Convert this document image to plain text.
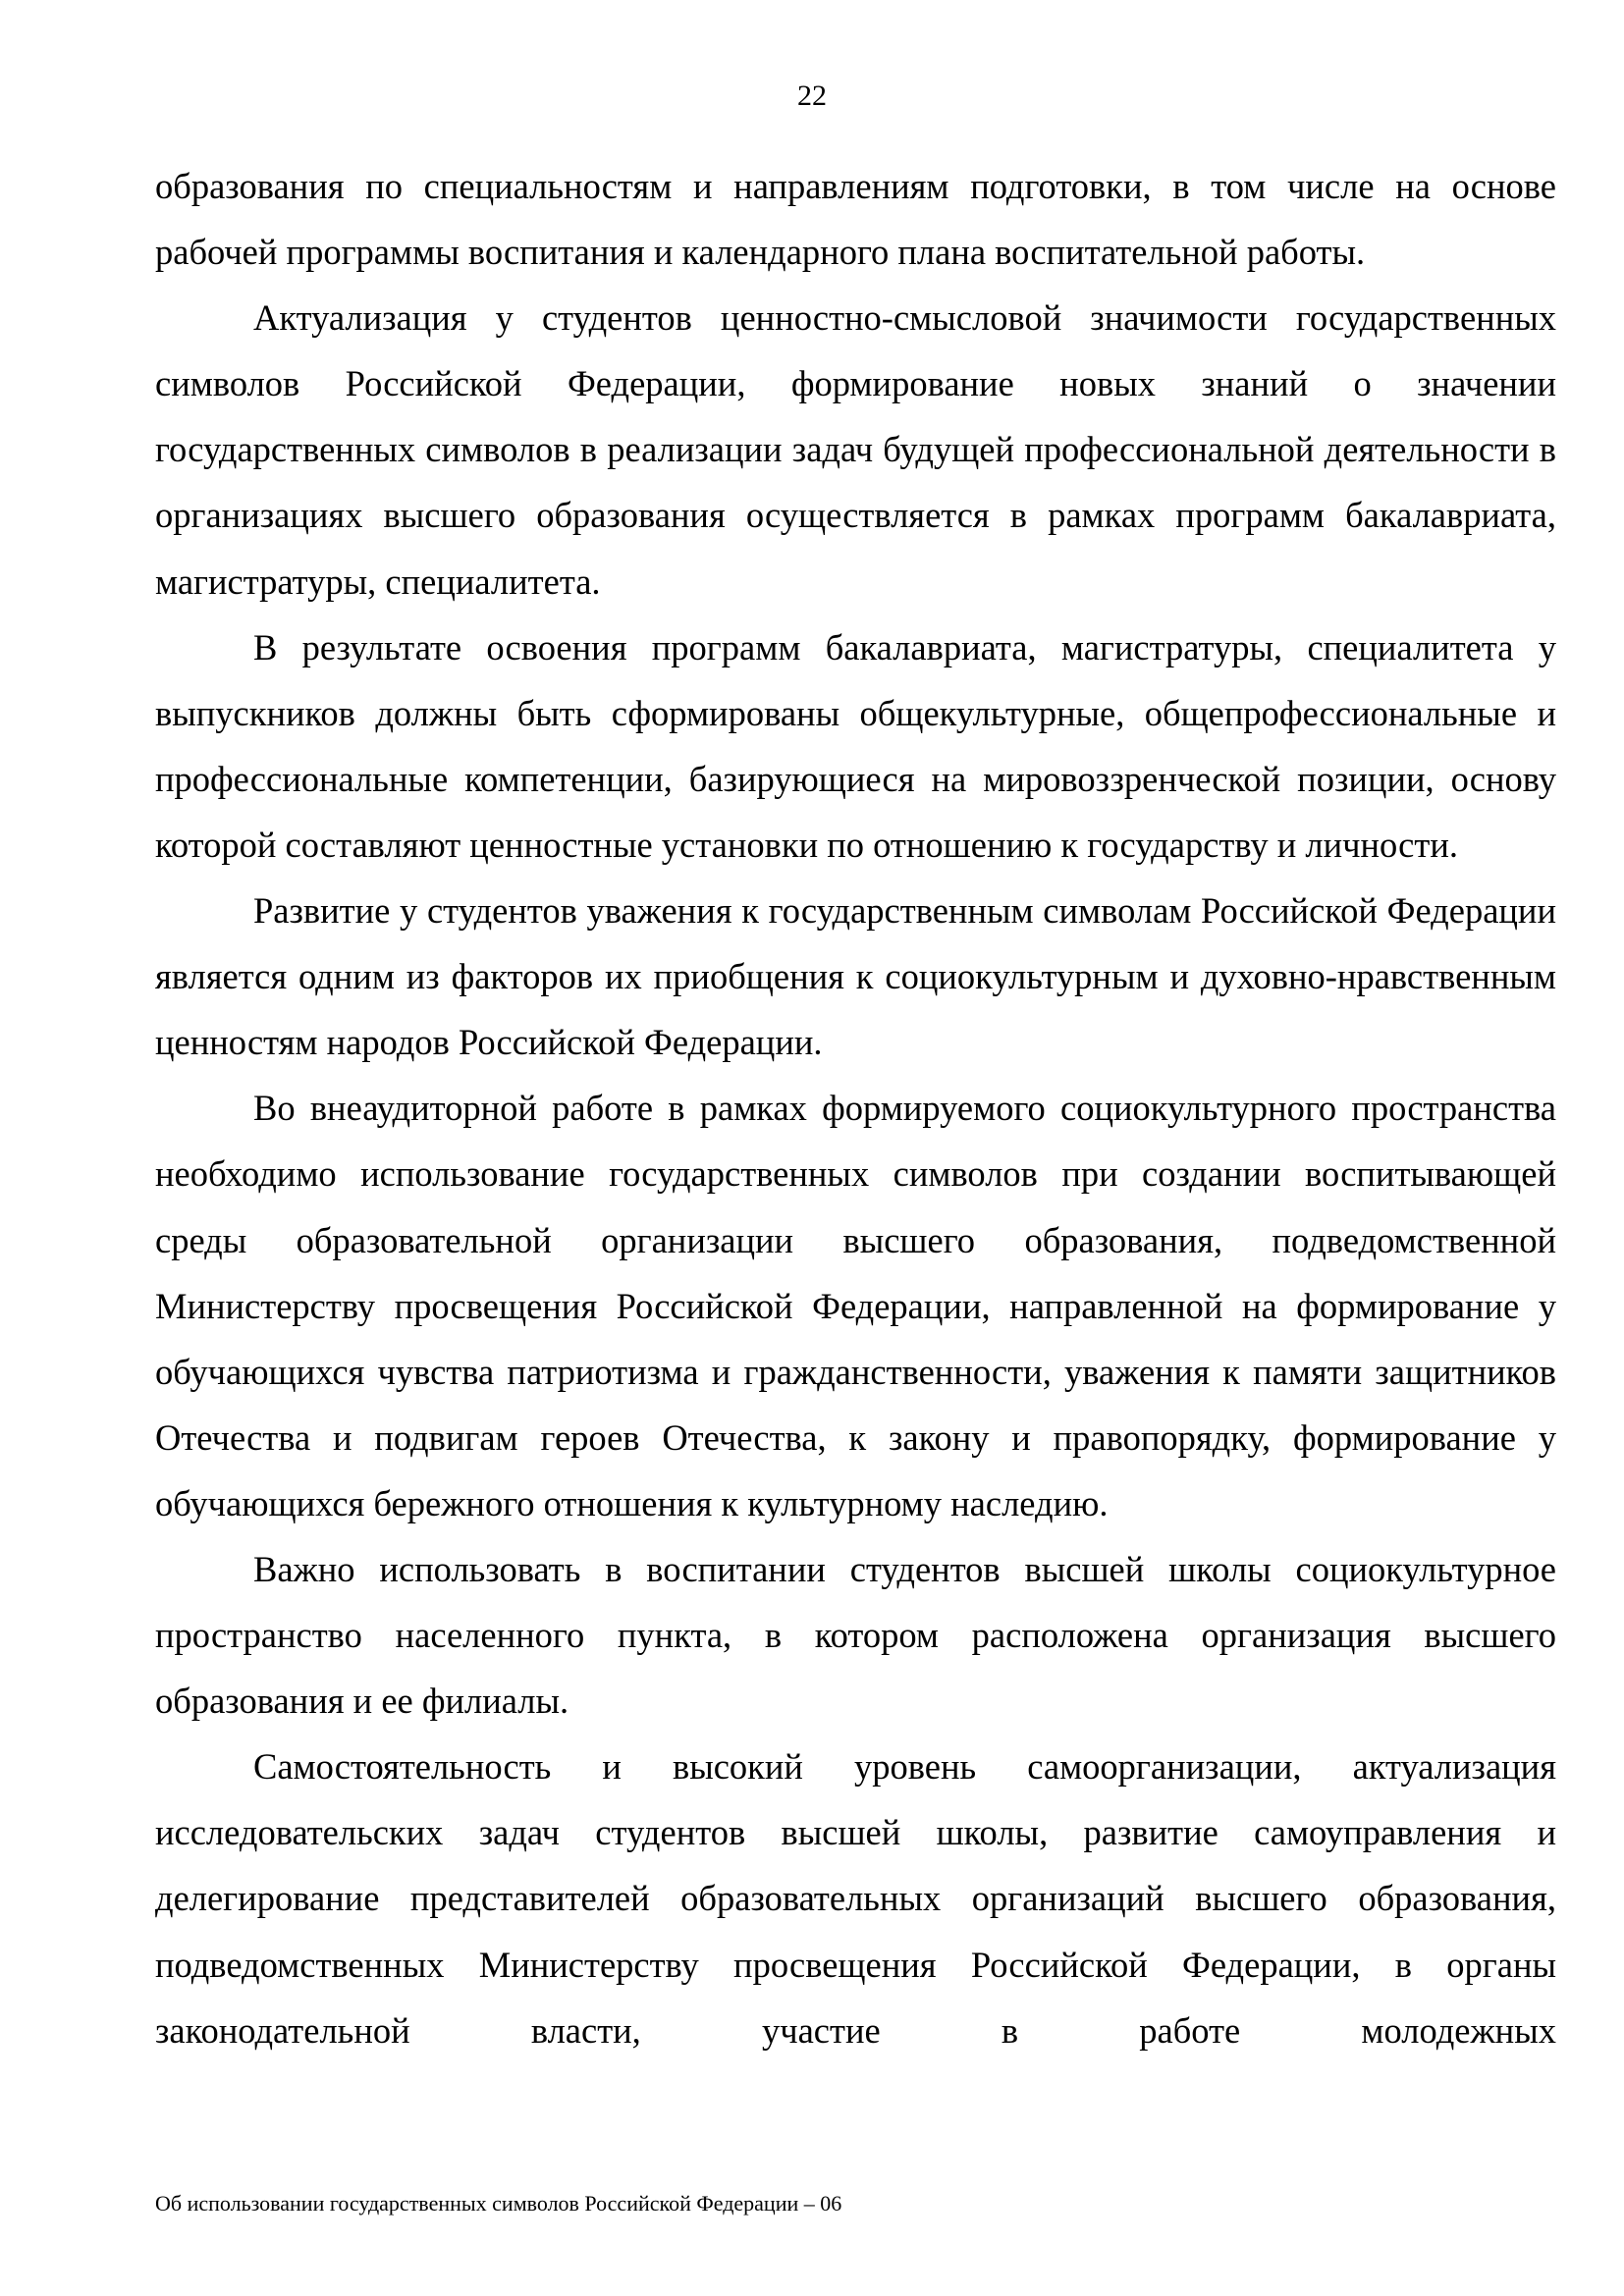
22

образования по специальностям и направлениям подготовки, в том числе на основе рабочей программы воспитания и календарного плана воспитательной работы.

Актуализация у студентов ценностно-смысловой значимости государственных символов Российской Федерации, формирование новых знаний о значении государственных символов в реализации задач будущей профессиональной деятельности в организациях высшего образования осуществляется в рамках программ бакалавриата, магистратуры, специалитета.

В результате освоения программ бакалавриата, магистратуры, специалитета у выпускников должны быть сформированы общекультурные, общепрофессиональные и профессиональные компетенции, базирующиеся на мировоззренческой позиции, основу которой составляют ценностные установки по отношению к государству и личности.

Развитие у студентов уважения к государственным символам Российской Федерации является одним из факторов их приобщения к социокультурным и духовно-нравственным ценностям народов Российской Федерации.

Во внеаудиторной работе в рамках формируемого социокультурного пространства необходимо использование государственных символов при создании воспитывающей среды образовательной организации высшего образования, подведомственной Министерству просвещения Российской Федерации, направленной на формирование у обучающихся чувства патриотизма и гражданственности, уважения к памяти защитников Отечества и подвигам героев Отечества, к закону и правопорядку, формирование у обучающихся бережного отношения к культурному наследию.

Важно использовать в воспитании студентов высшей школы социокультурное пространство населенного пункта, в котором расположена организация высшего образования и ее филиалы.

Самостоятельность и высокий уровень самоорганизации, актуализация исследовательских задач студентов высшей школы, развитие самоуправления и делегирование представителей образовательных организаций высшего образования, подведомственных Министерству просвещения Российской Федерации, в органы законодательной власти, участие в работе молодежных

Об использовании государственных символов Российской Федерации – 06
